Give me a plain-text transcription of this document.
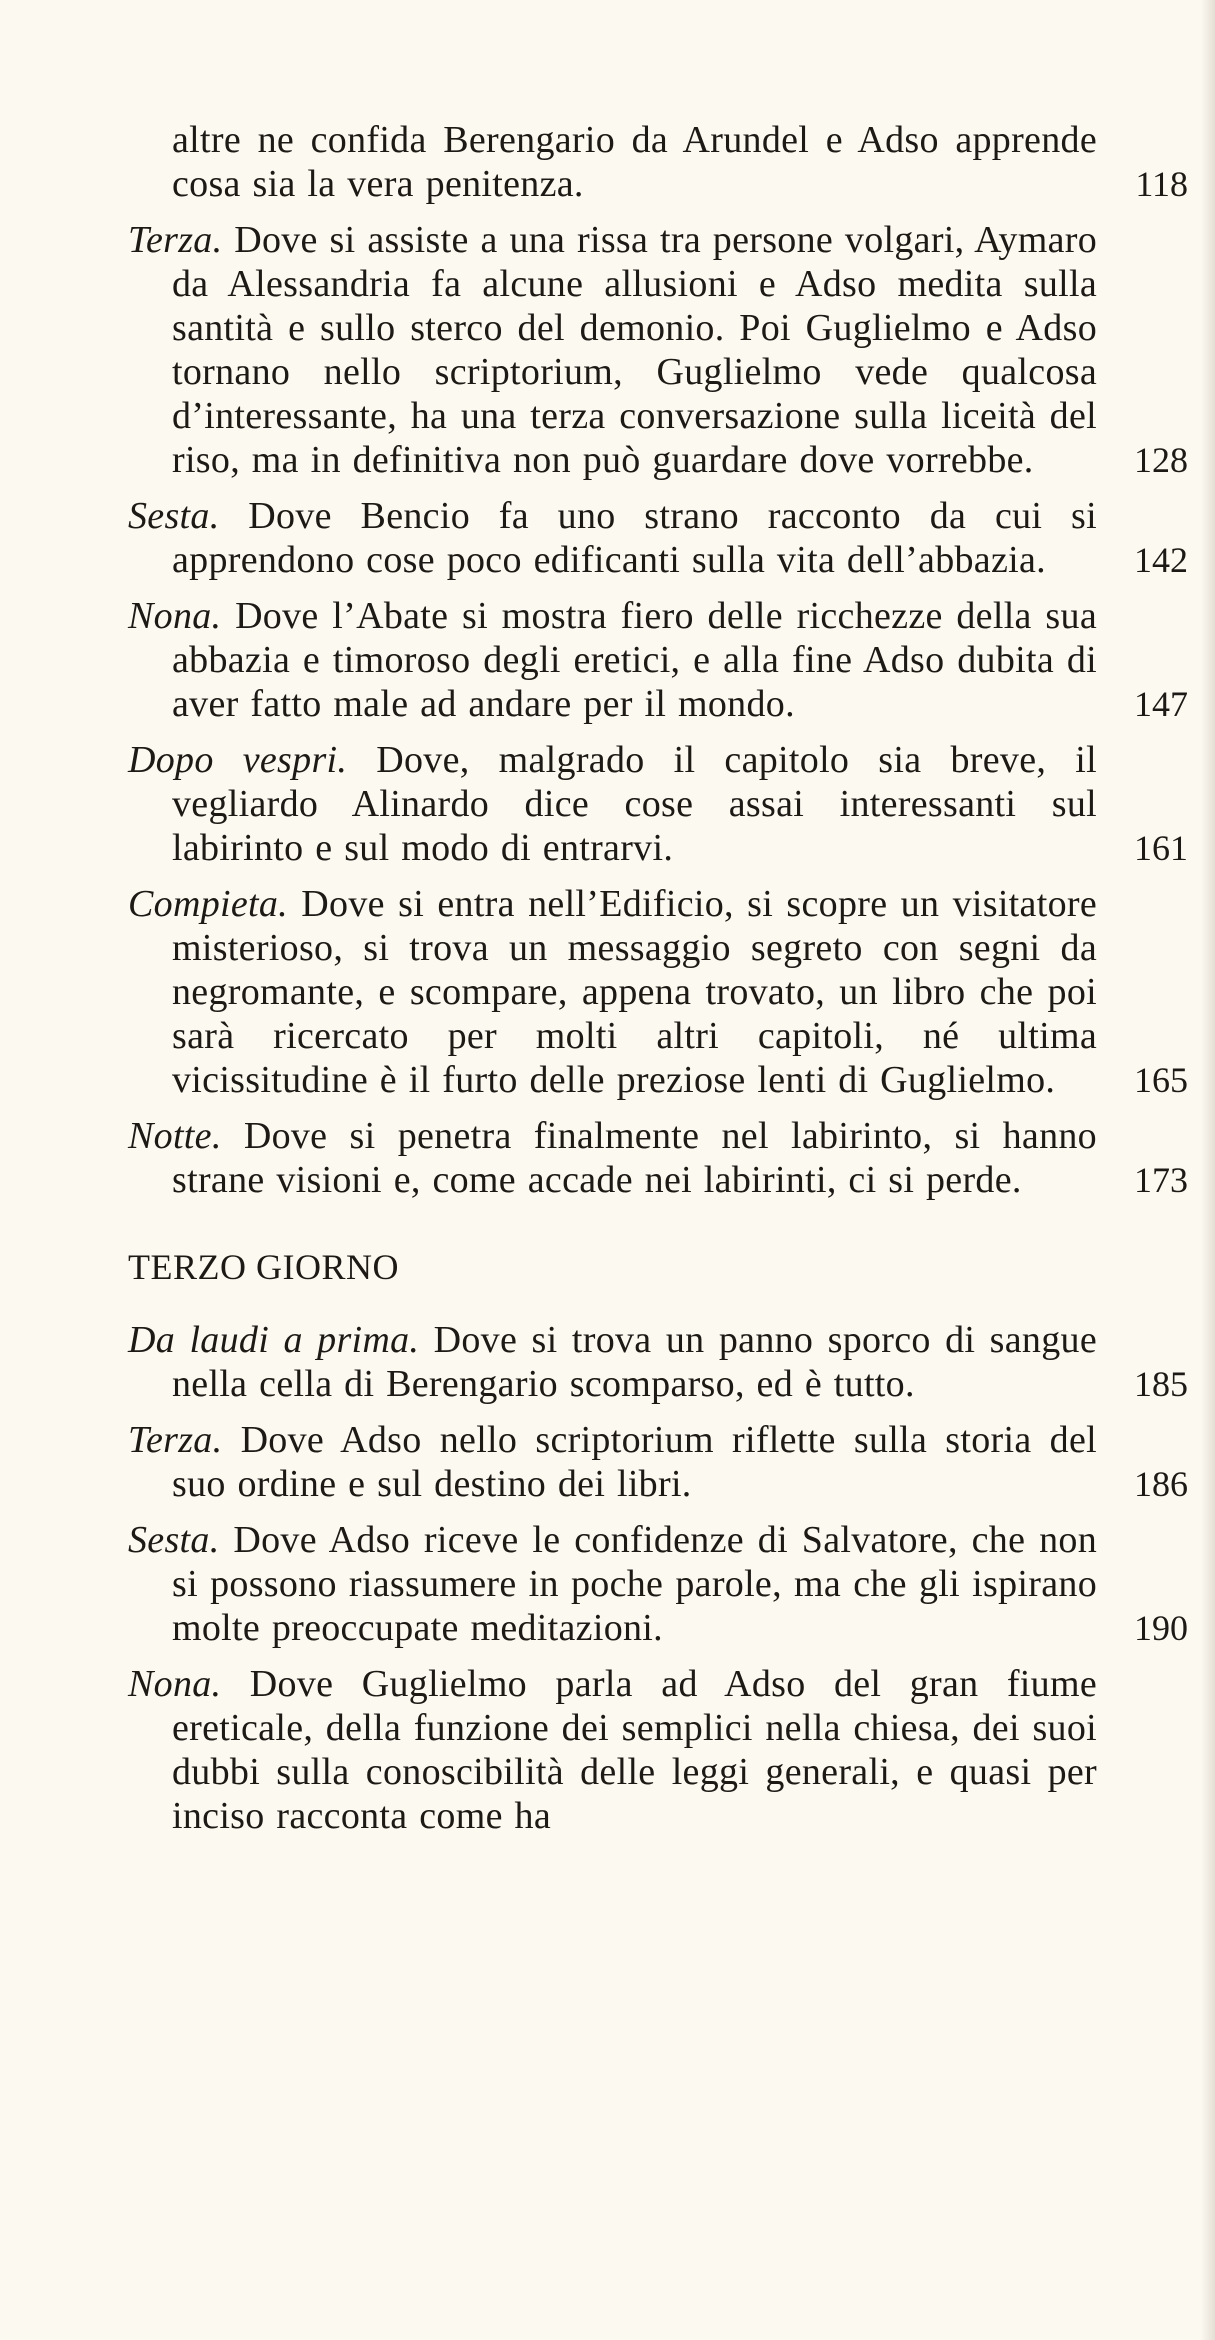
altre ne confida Berengario da Arundel e Adso apprende cosa sia la vera penitenza.	118
Terza. Dove si assiste a una rissa tra persone volgari, Aymaro da Alessandria fa alcune allusioni e Adso medita sulla santità e sullo sterco del demonio. Poi Guglielmo e Adso tornano nello scriptorium, Guglielmo vede qualcosa d’interessante, ha una terza conversazione sulla liceità del riso, ma in definitiva non può guardare dove vorrebbe.	128
Sesta. Dove Bencio fa uno strano racconto da cui si apprendono cose poco edificanti sulla vita dell’abbazia.	142
Nona. Dove l’Abate si mostra fiero delle ricchezze della sua abbazia e timoroso degli eretici, e alla fine Adso dubita di aver fatto male ad andare per il mondo.	147
Dopo vespri. Dove, malgrado il capitolo sia breve, il vegliardo Alinardo dice cose assai interessanti sul labirinto e sul modo di entrarvi.	161
Compieta. Dove si entra nell’Edificio, si scopre un visitatore misterioso, si trova un messaggio segreto con segni da negromante, e scompare, appena trovato, un libro che poi sarà ricercato per molti altri capitoli, né ultima vicissitudine è il furto delle preziose lenti di Guglielmo.	165
Notte. Dove si penetra finalmente nel labirinto, si hanno strane visioni e, come accade nei labirinti, ci si perde.	173
TERZO GIORNO
Da laudi a prima. Dove si trova un panno sporco di sangue nella cella di Berengario scomparso, ed è tutto.	185
Terza. Dove Adso nello scriptorium riflette sulla storia del suo ordine e sul destino dei libri.	186
Sesta. Dove Adso riceve le confidenze di Salvatore, che non si possono riassumere in poche parole, ma che gli ispirano molte preoccupate meditazioni.	190
Nona. Dove Guglielmo parla ad Adso del gran fiume ereticale, della funzione dei semplici nella chiesa, dei suoi dubbi sulla conoscibilità delle leggi generali, e quasi per inciso racconta come ha
